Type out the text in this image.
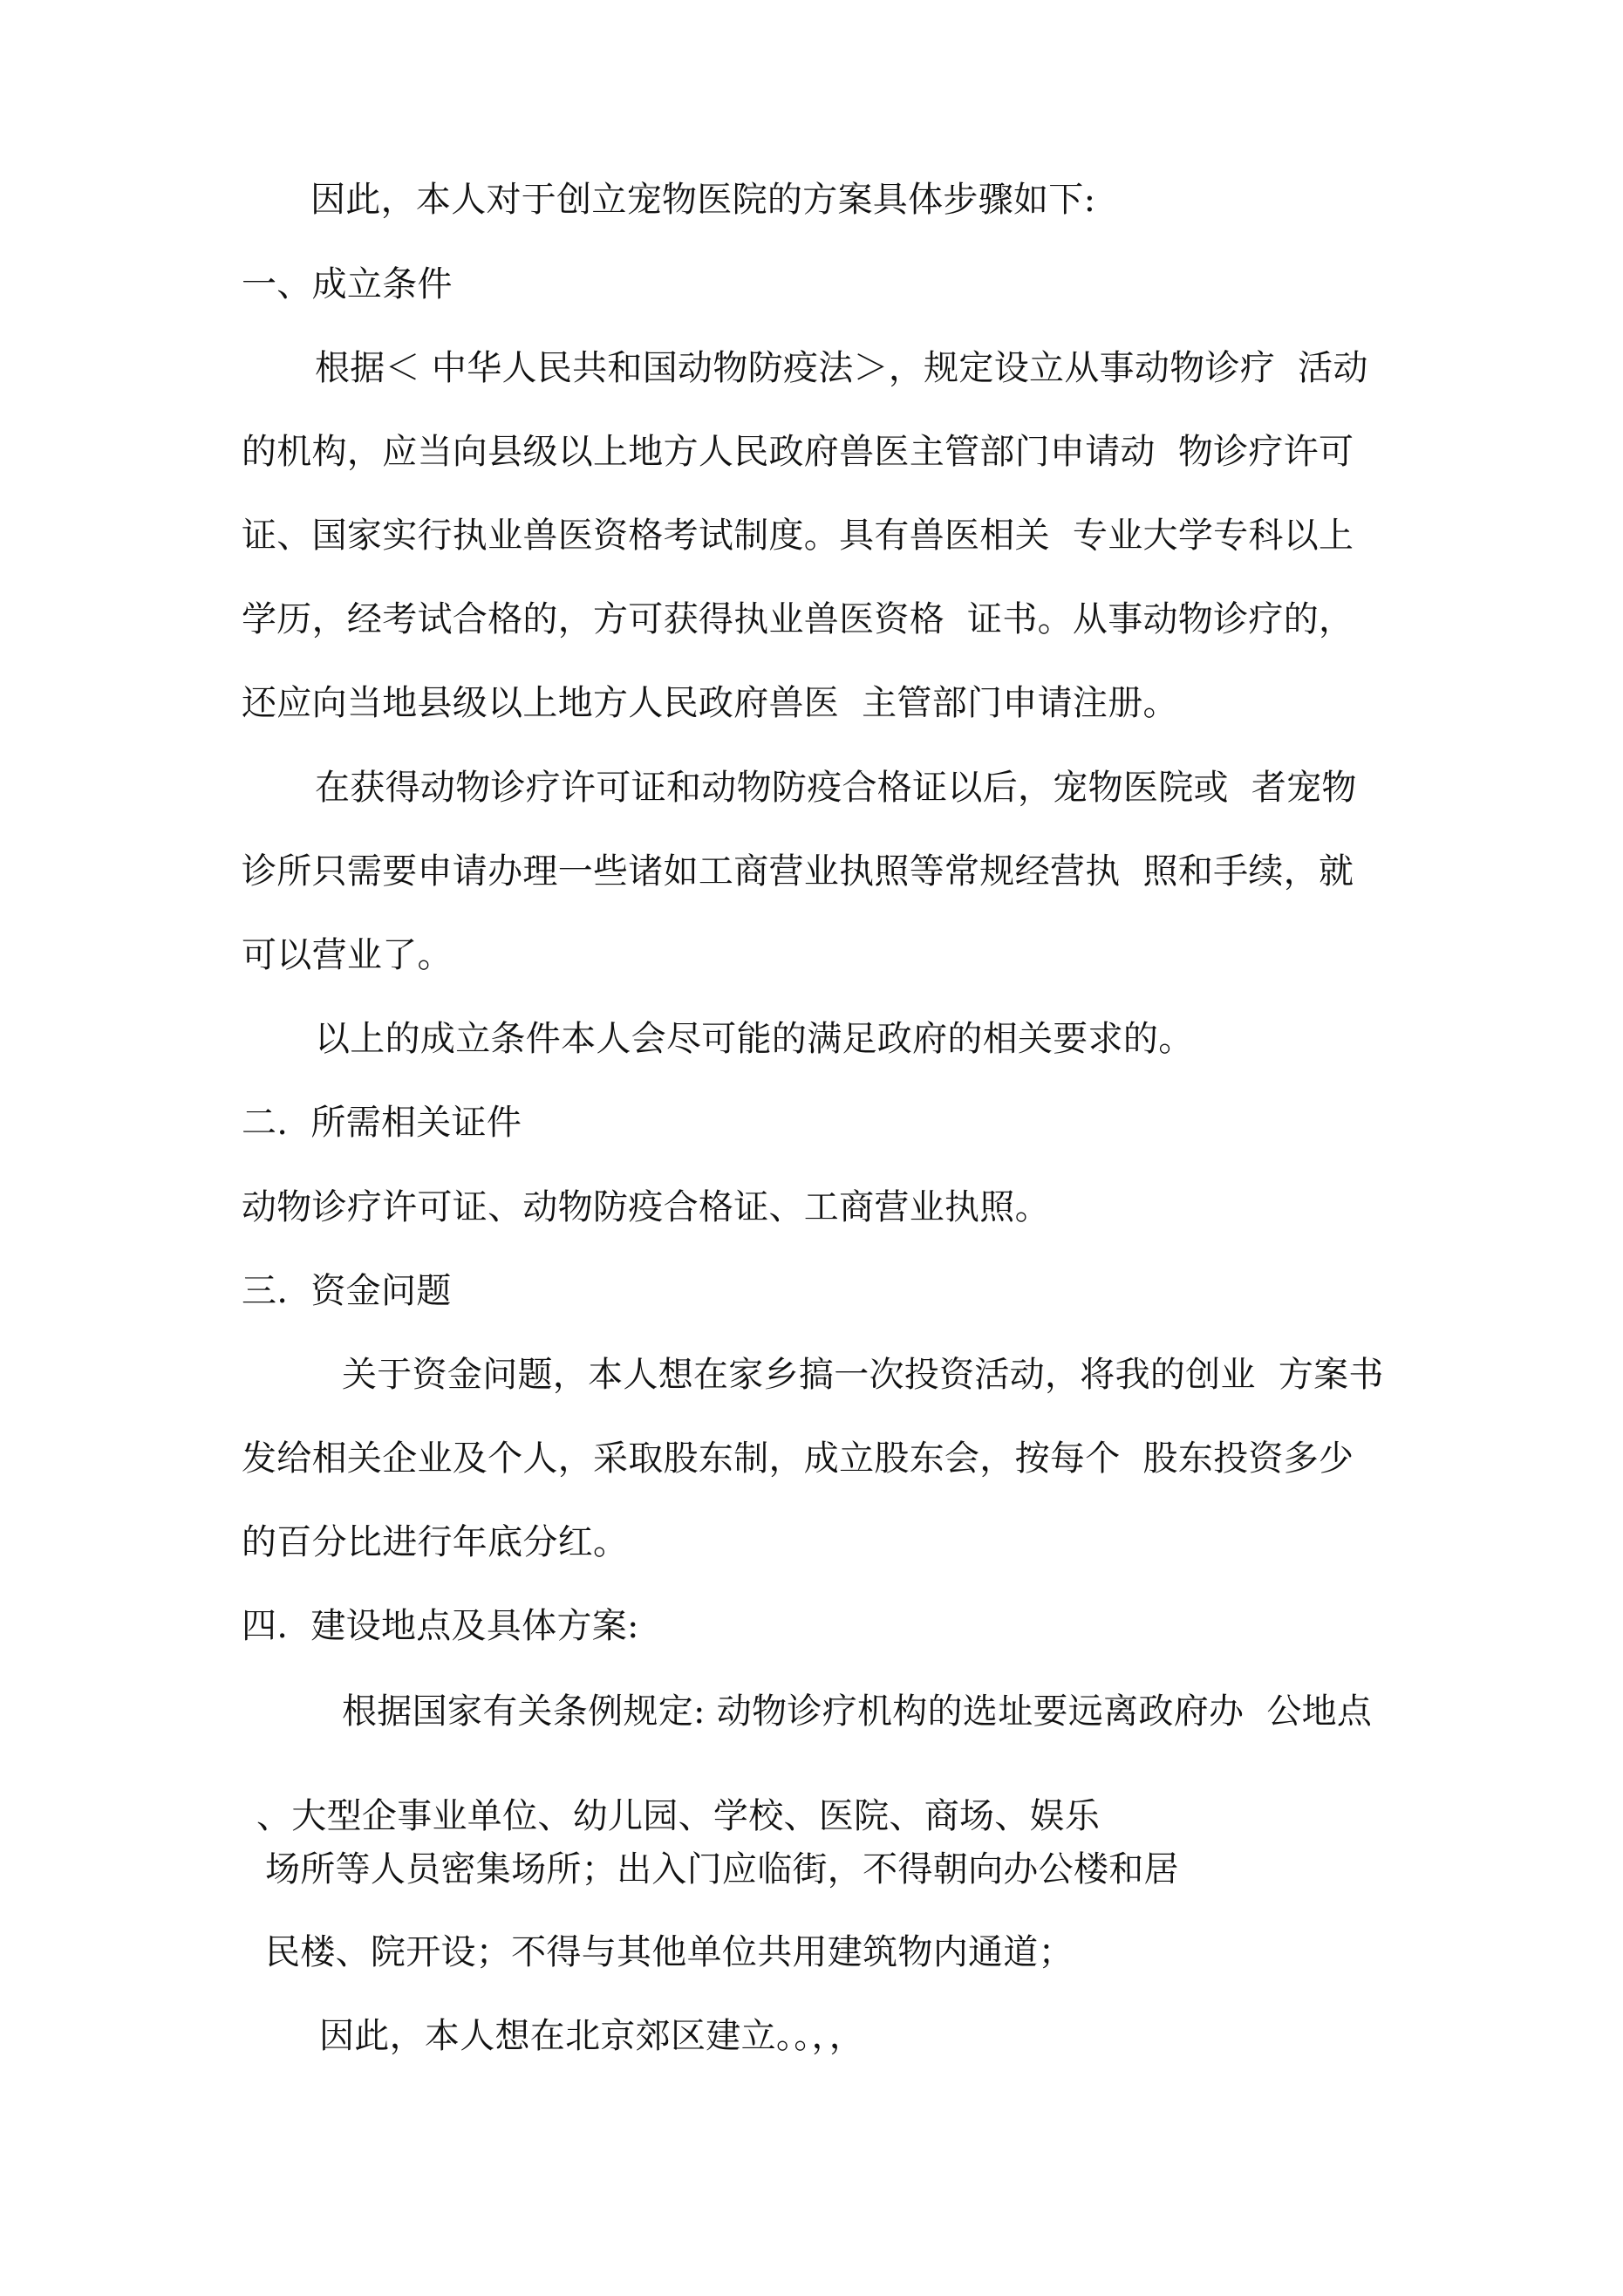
因此，本人对于创立宠物医院的方案具体步骤如下:

一、成立条件

根据＜ 中华人民共和国动物防疫法＞，规定设立从事动物诊疗  活动

的机构，应当向县级以上地方人民政府兽医主管部门申请动  物诊疗许可

证、国家实行执业兽医资格考试制度。具有兽医相关  专业大学专科以上

学历，经考试合格的，方可获得执业兽医资格  证书。从事动物诊疗的，

还应向当地县级以上地方人民政府兽医  主管部门申请注册。

在获得动物诊疗许可证和动物防疫合格证以后，宠物医院或  者宠物

诊所只需要申请办理一些诸如工商营业执照等常规经营执  照和手续，就

可以营业了。

以上的成立条件本人会尽可能的满足政府的相关要求的。

二.  所需相关证件

动物诊疗许可证、动物防疫合格证、工商营业执照。

三.  资金问题

关于资金问题，本人想在家乡搞一次投资活动，将我的创业  方案书

发给相关企业及个人，采取股东制，成立股东会，按每个  股东投资多少

的百分比进行年底分红。

四.  建设地点及具体方案:

根据国家有关条例规定: 动物诊疗机构的选址要远离政府办  公地点

、大型企事业单位、幼儿园、学校、医院、商场、娱乐

场所等人员密集场所；出入门应临街，不得朝向办公楼和居

民楼、院开设；不得与其他单位共用建筑物内通道；

因此，本人想在北京郊区建立。。，，
